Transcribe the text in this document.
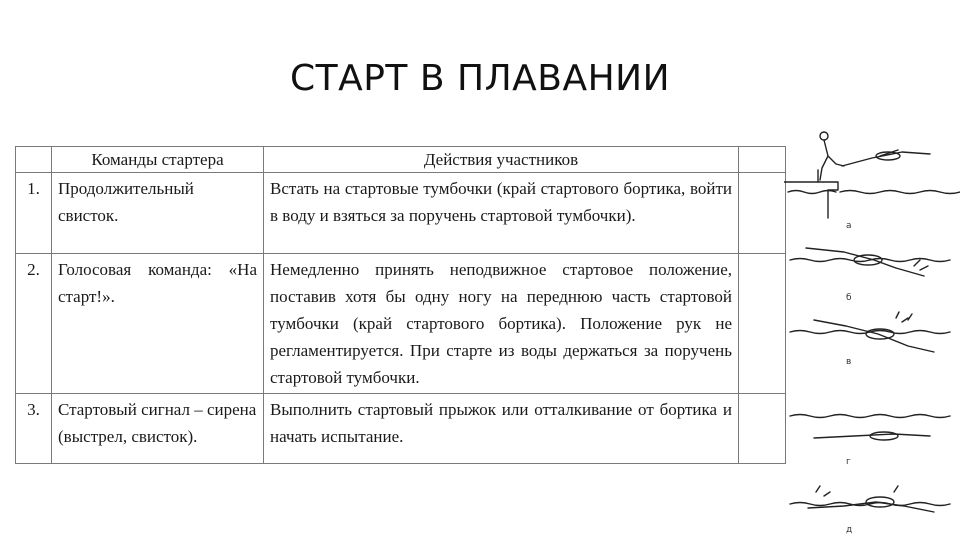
СТАРТ В ПЛАВАНИИ
	Команды стартера	Действия участников	
1.	Продолжительный свисток.	Встать на стартовые тумбочки (край стартового бортика, войти в воду и взяться за поручень стартовой тумбочки).	
2.	Голосовая команда: «На старт!».	Немедленно принять неподвижное стартовое положение, поставив хотя бы одну ногу на переднюю часть стартовой тумбочки (край стартового бортика). Положение рук не регламентируется. При старте из воды держаться за поручень стартовой тумбочки.	
3.	Стартовый сигнал – сирена (выстрел, свисток).	Выполнить стартовый прыжок или отталкивание от бортика и начать испытание.	
а
б
в
г
д
